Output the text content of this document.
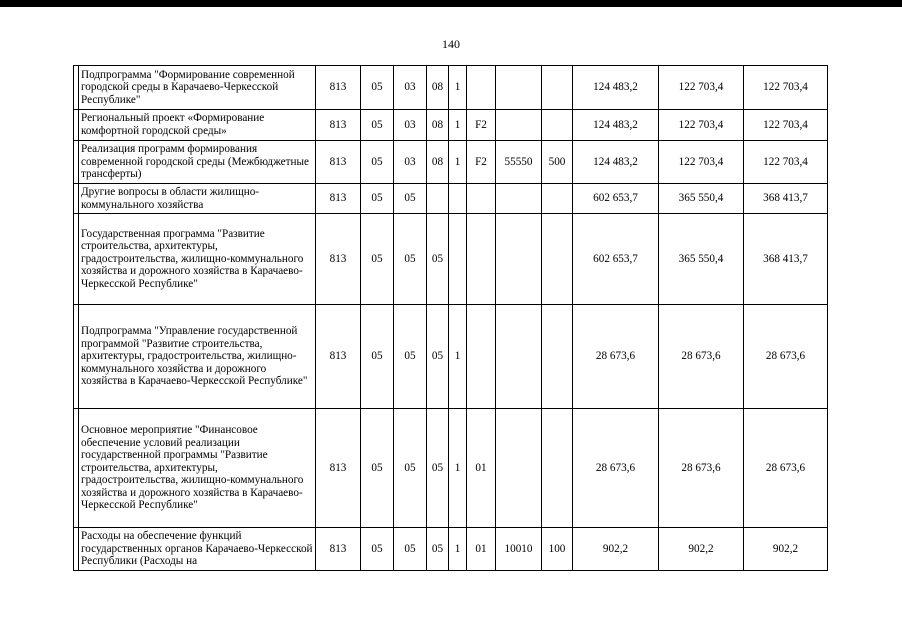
140
	Подпрограмма "Формирование современной городской среды в Карачаево-Черкесской Республике"	813	05	03	08	1				124 483,2	122 703,4	122 703,4
	Региональный проект «Формирование комфортной городской среды»	813	05	03	08	1	F2			124 483,2	122 703,4	122 703,4
	Реализация программ формирования современной городской среды (Межбюджетные трансферты)	813	05	03	08	1	F2	55550	500	124 483,2	122 703,4	122 703,4
	Другие вопросы в области жилищно-коммунального хозяйства	813	05	05						602 653,7	365 550,4	368 413,7
	Государственная программа "Развитие строительства, архитектуры, градостроительства, жилищно-коммунального хозяйства и дорожного хозяйства в Карачаево-Черкесской Республике"	813	05	05	05					602 653,7	365 550,4	368 413,7
	Подпрограмма "Управление государственной программой "Развитие строительства, архитектуры, градостроительства, жилищно-коммунального хозяйства и дорожного хозяйства в Карачаево-Черкесской Республике"	813	05	05	05	1				28 673,6	28 673,6	28 673,6
	Основное мероприятие "Финансовое обеспечение условий реализации государственной программы "Развитие строительства, архитектуры, градостроительства, жилищно-коммунального хозяйства и дорожного хозяйства в Карачаево-Черкесской Республике"	813	05	05	05	1	01			28 673,6	28 673,6	28 673,6
	Расходы на обеспечение функций государственных органов Карачаево-Черкесской Республики (Расходы на	813	05	05	05	1	01	10010	100	902,2	902,2	902,2
